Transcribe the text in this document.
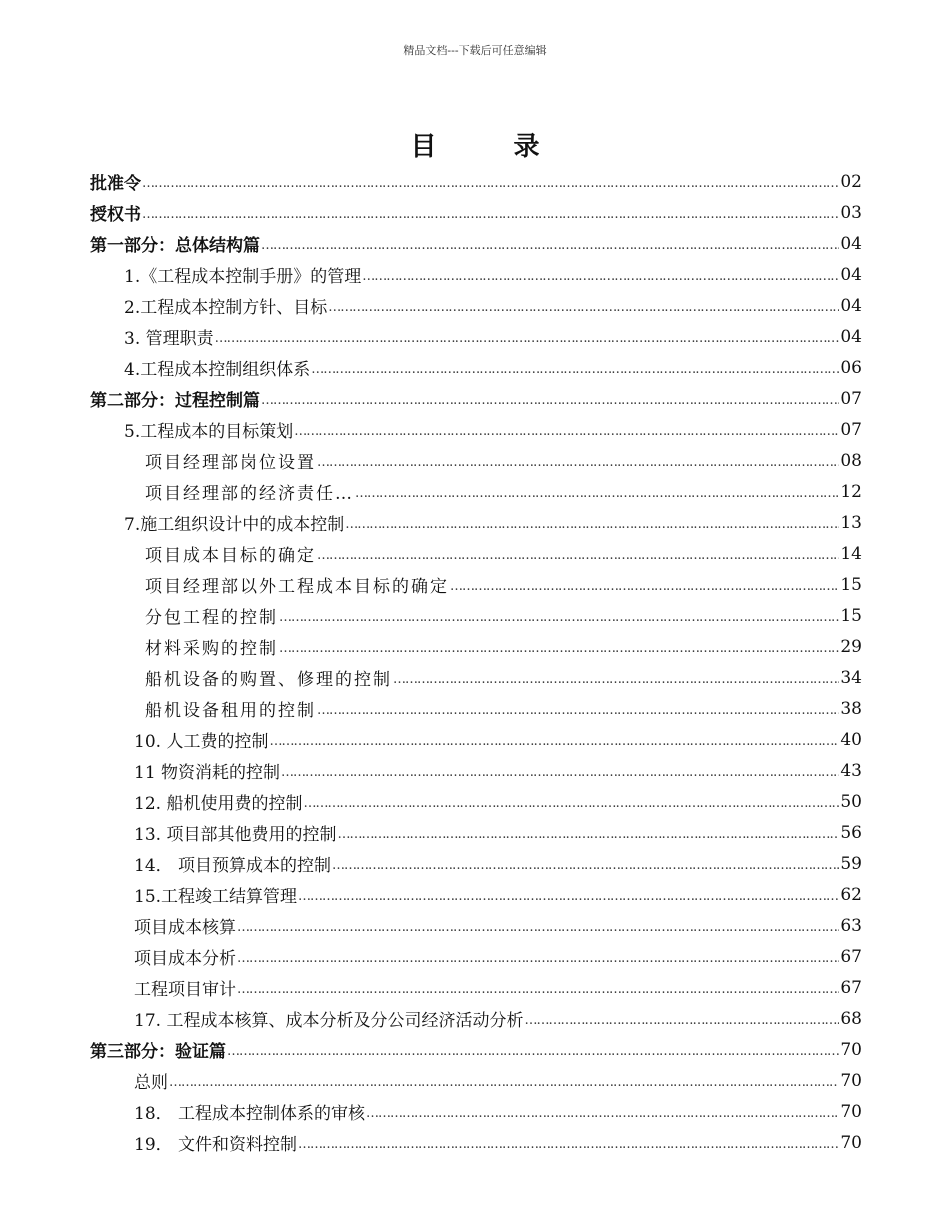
精品文档---下载后可任意编辑
目 录
批准令 …………………………………………………………………………………………………………………………………………………………………………………………………………………………………………………………………………	02
授权书 …………………………………………………………………………………………………………………………………………………………………………………………………………………………………………………………………………	03
第一部分：总体结构篇 …………………………………………………………………………………………………………………………………………………………………………………………………………………………………………………………………………	04
1.《工程成本控制手册》的管理 …………………………………………………………………………………………………………………………………………………………………………………………………………………………………………………………………………	04
2.工程成本控制方针、目标 …………………………………………………………………………………………………………………………………………………………………………………………………………………………………………………………………………	04
3. 管理职责 …………………………………………………………………………………………………………………………………………………………………………………………………………………………………………………………………………	04
4.工程成本控制组织体系 …………………………………………………………………………………………………………………………………………………………………………………………………………………………………………………………………………	06
第二部分：过程控制篇 …………………………………………………………………………………………………………………………………………………………………………………………………………………………………………………………………………	07
5.工程成本的目标策划 …………………………………………………………………………………………………………………………………………………………………………………………………………………………………………………………………………	07
项目经理部岗位设置 …………………………………………………………………………………………………………………………………………………………………………………………………………………………………………………………………………	08
项目经理部的经济责任… …………………………………………………………………………………………………………………………………………………………………………………………………………………………………………………………………………	12
7.施工组织设计中的成本控制 …………………………………………………………………………………………………………………………………………………………………………………………………………………………………………………………………………	13
项目成本目标的确定 …………………………………………………………………………………………………………………………………………………………………………………………………………………………………………………………………………	14
项目经理部以外工程成本目标的确定 …………………………………………………………………………………………………………………………………………………………………………………………………………………………………………………………………………	15
分包工程的控制 …………………………………………………………………………………………………………………………………………………………………………………………………………………………………………………………………………	15
材料采购的控制 …………………………………………………………………………………………………………………………………………………………………………………………………………………………………………………………………………	29
船机设备的购置、修理的控制 …………………………………………………………………………………………………………………………………………………………………………………………………………………………………………………………………………	34
船机设备租用的控制 …………………………………………………………………………………………………………………………………………………………………………………………………………………………………………………………………………	38
10. 人工费的控制 …………………………………………………………………………………………………………………………………………………………………………………………………………………………………………………………………………	40
11 物资消耗的控制 …………………………………………………………………………………………………………………………………………………………………………………………………………………………………………………………………………	43
12. 船机使用费的控制 …………………………………………………………………………………………………………………………………………………………………………………………………………………………………………………………………………	50
13. 项目部其他费用的控制 …………………………………………………………………………………………………………………………………………………………………………………………………………………………………………………………………………	56
14． 项目预算成本的控制 …………………………………………………………………………………………………………………………………………………………………………………………………………………………………………………………………………	59
15.工程竣工结算管理 …………………………………………………………………………………………………………………………………………………………………………………………………………………………………………………………………………	62
项目成本核算 …………………………………………………………………………………………………………………………………………………………………………………………………………………………………………………………………………	63
项目成本分析 …………………………………………………………………………………………………………………………………………………………………………………………………………………………………………………………………………	67
工程项目审计 …………………………………………………………………………………………………………………………………………………………………………………………………………………………………………………………………………	67
17. 工程成本核算、成本分析及分公司经济活动分析 …………………………………………………………………………………………………………………………………………………………………………………………………………………………………………………………………………	68
第三部分：验证篇 …………………………………………………………………………………………………………………………………………………………………………………………………………………………………………………………………………	70
总则 …………………………………………………………………………………………………………………………………………………………………………………………………………………………………………………………………………	70
18． 工程成本控制体系的审核 …………………………………………………………………………………………………………………………………………………………………………………………………………………………………………………………………………	70
19． 文件和资料控制 …………………………………………………………………………………………………………………………………………………………………………………………………………………………………………………………………………	70
